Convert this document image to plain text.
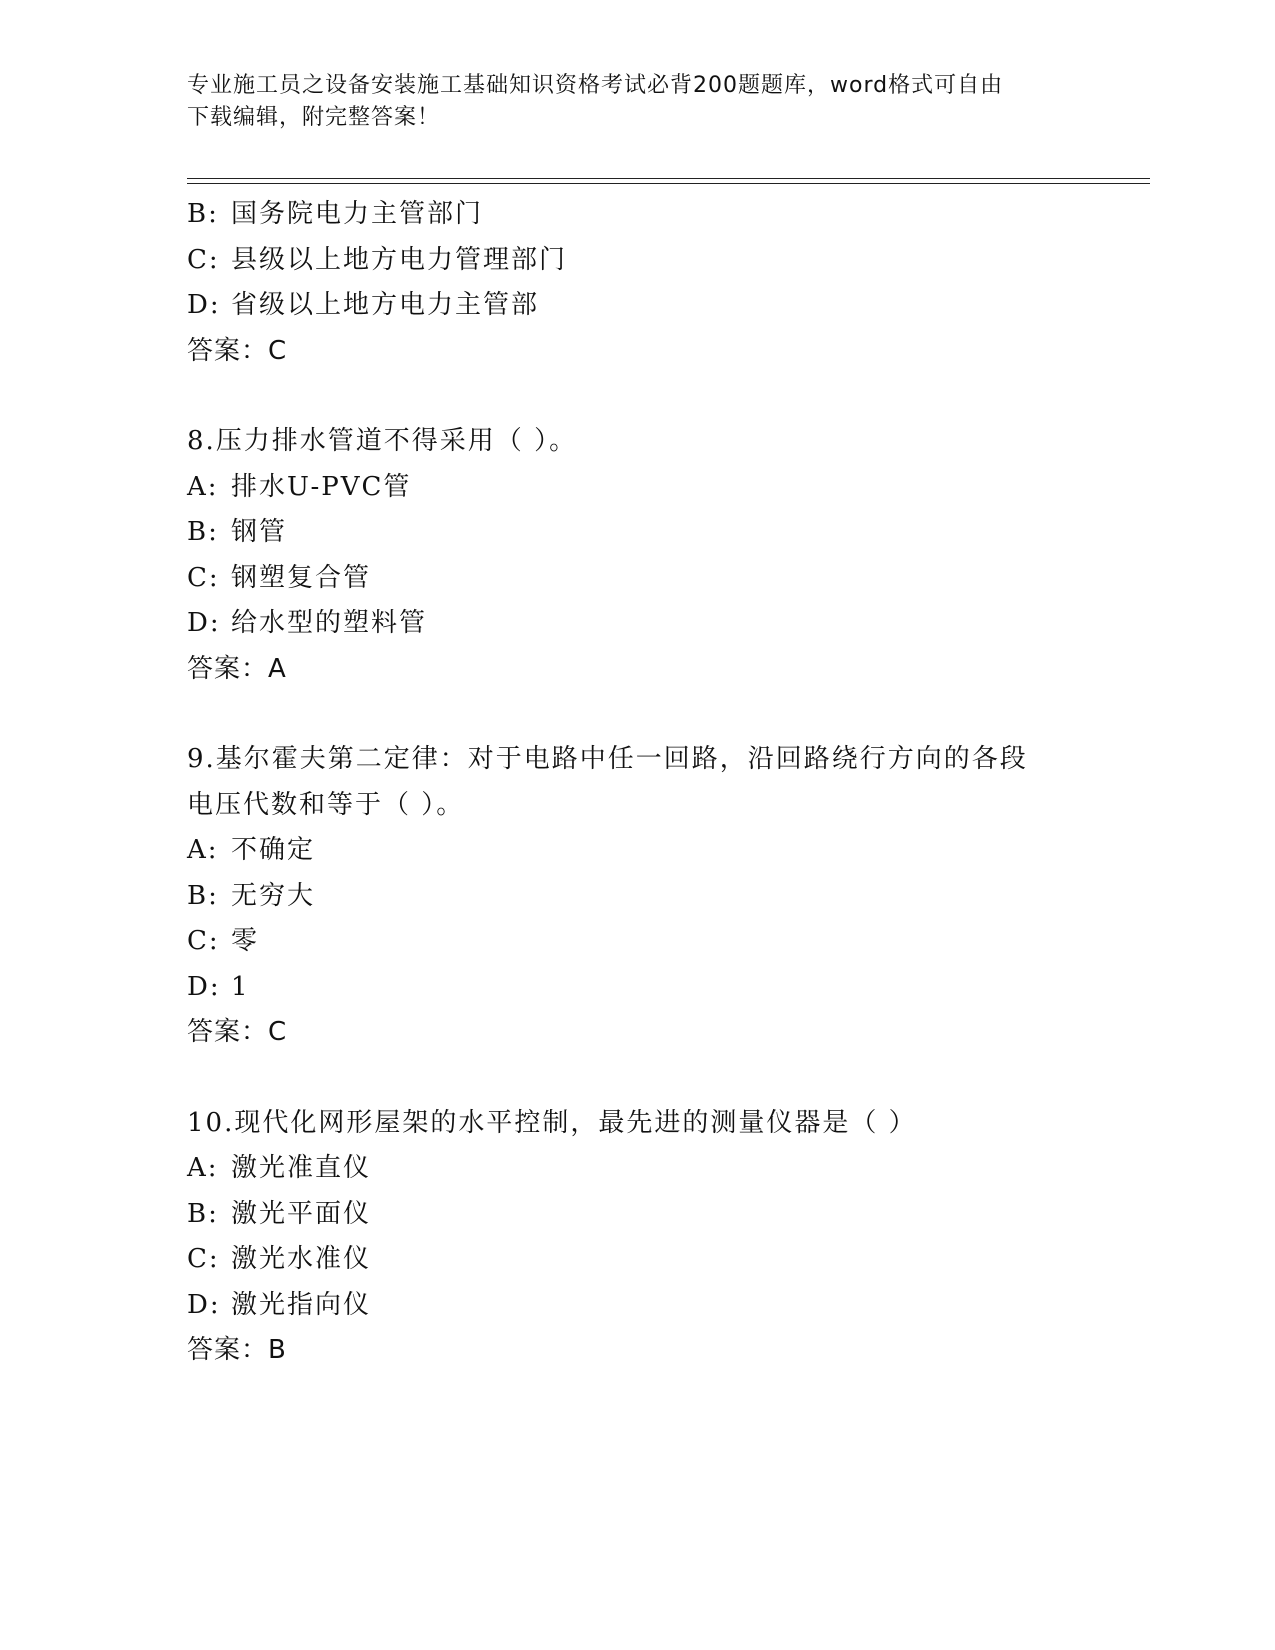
专业施工员之设备安装施工基础知识资格考试必背200题题库，word格式可自由
下载编辑，附完整答案！
B: 国务院电力主管部门
C: 县级以上地方电力管理部门
D: 省级以上地方电力主管部
答案：C
8.压力排水管道不得采用（ ）。
A: 排水U-PVC管
B: 钢管
C: 钢塑复合管
D: 给水型的塑料管
答案：A
9.基尔霍夫第二定律：对于电路中任一回路，沿回路绕行方向的各段电压代数和等于（ ）。
A: 不确定
B: 无穷大
C: 零
D: 1
答案：C
10.现代化网形屋架的水平控制，最先进的测量仪器是（ ）
A: 激光准直仪
B: 激光平面仪
C: 激光水准仪
D: 激光指向仪
答案：B
